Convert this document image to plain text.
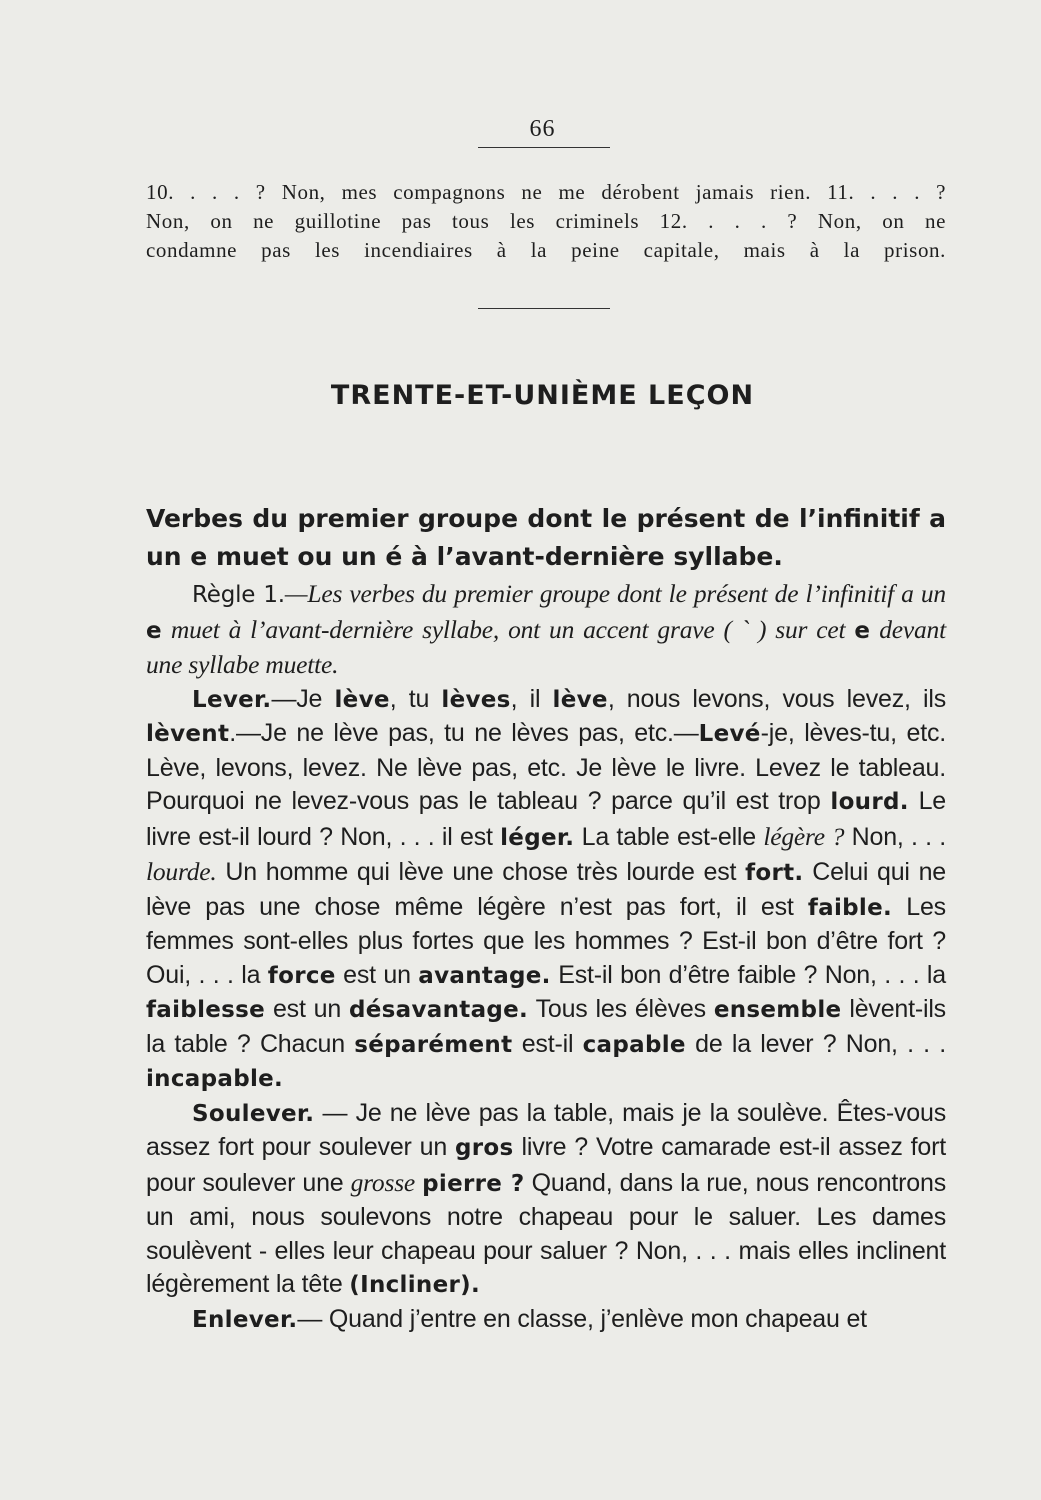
66
10. . . . ? Non, mes compagnons ne me dérobent jamais rien. 11. . . . ?
Non, on ne guillotine pas tous les criminels 12. . . . ? Non, on ne
condamne pas les incendiaires à la peine capitale, mais à la prison.
TRENTE-ET-UNIÈME LEÇON
Verbes du premier groupe dont le présent de l’infinitif a un e muet ou un é à l’avant-dernière syllabe.

Règle 1.—Les verbes du premier groupe dont le présent de l’infinitif a un e muet à l’avant-dernière syllabe, ont un accent grave ( ` ) sur cet e devant une syllabe muette.

Lever.—Je lève, tu lèves, il lève, nous levons, vous levez, ils lèvent.—Je ne lève pas, tu ne lèves pas, etc.—Levé-je, lèves-tu, etc. Lève, levons, levez. Ne lève pas, etc. Je lève le livre. Levez le tableau. Pourquoi ne levez-vous pas le tableau ? parce qu’il est trop lourd. Le livre est-il lourd ? Non, . . . il est léger. La table est-elle légère ? Non, . . . lourde. Un homme qui lève une chose très lourde est fort. Celui qui ne lève pas une chose même légère n’est pas fort, il est faible. Les femmes sont-elles plus fortes que les hommes ? Est-il bon d’être fort ? Oui, . . . la force est un avantage. Est-il bon d’être faible ? Non, . . . la faiblesse est un désavantage. Tous les élèves ensemble lèvent-ils la table ? Chacun séparément est-il capable de la lever ? Non, . . . incapable.

Soulever. — Je ne lève pas la table, mais je la soulève. Êtes-vous assez fort pour soulever un gros livre ? Votre camarade est-il assez fort pour soulever une grosse pierre ? Quand, dans la rue, nous rencontrons un ami, nous soulevons notre chapeau pour le saluer. Les dames soulèvent - elles leur chapeau pour saluer ? Non, . . . mais elles inclinent légèrement la tête (Incliner).

Enlever.— Quand j’entre en classe, j’enlève mon chapeau et
